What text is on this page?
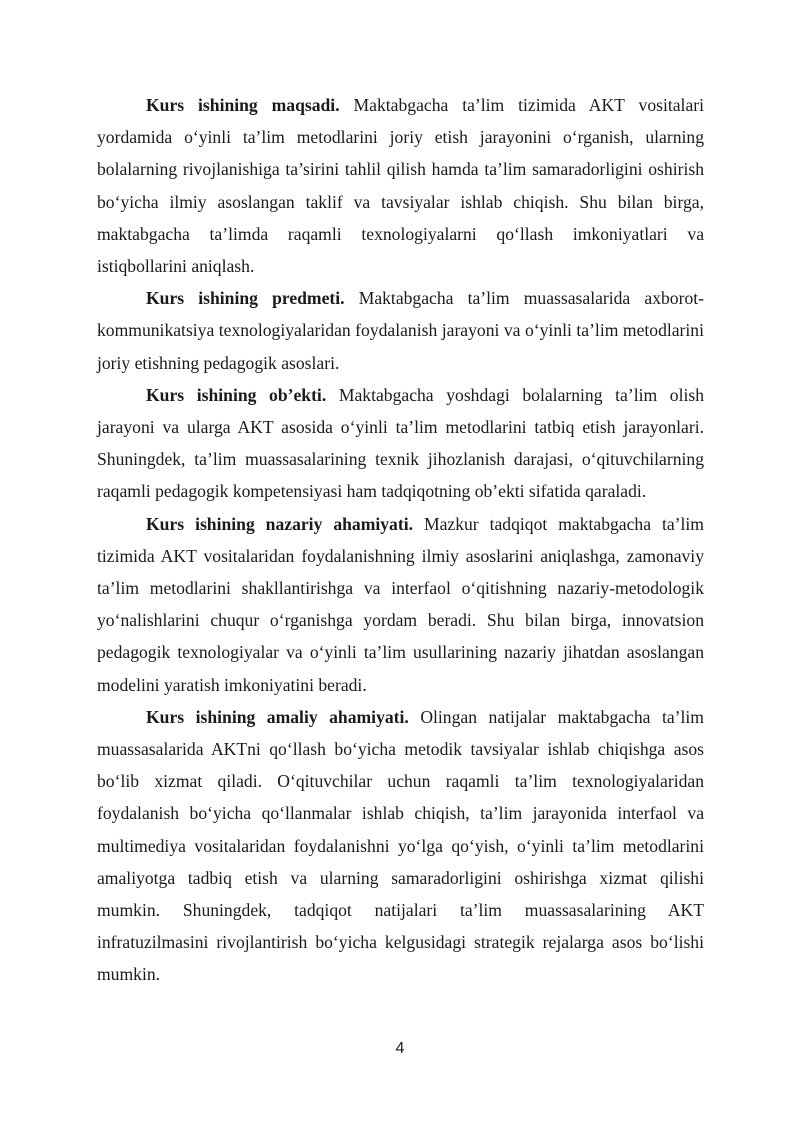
Kurs ishining maqsadi. Maktabgacha ta’lim tizimida AKT vositalari yordamida o‘yinli ta’lim metodlarini joriy etish jarayonini o‘rganish, ularning bolalarning rivojlanishiga ta’sirini tahlil qilish hamda ta’lim samaradorligini oshirish bo‘yicha ilmiy asoslangan taklif va tavsiyalar ishlab chiqish. Shu bilan birga, maktabgacha ta’limda raqamli texnologiyalarni qo‘llash imkoniyatlari va istiqbollarini aniqlash.

Kurs ishining predmeti. Maktabgacha ta’lim muassasalarida axborot-kommunikatsiya texnologiyalaridan foydalanish jarayoni va o‘yinli ta’lim metodlarini joriy etishning pedagogik asoslari.

Kurs ishining ob’ekti. Maktabgacha yoshdagi bolalarning ta’lim olish jarayoni va ularga AKT asosida o‘yinli ta’lim metodlarini tatbiq etish jarayonlari. Shuningdek, ta’lim muassasalarining texnik jihozlanish darajasi, o‘qituvchilarning raqamli pedagogik kompetensiyasi ham tadqiqotning ob’ekti sifatida qaraladi.

Kurs ishining nazariy ahamiyati. Mazkur tadqiqot maktabgacha ta’lim tizimida AKT vositalaridan foydalanishning ilmiy asoslarini aniqlashga, zamonaviy ta’lim metodlarini shakllantirishga va interfaol o‘qitishning nazariy-metodologik yo‘nalishlarini chuqur o‘rganishga yordam beradi. Shu bilan birga, innovatsion pedagogik texnologiyalar va o‘yinli ta’lim usullarining nazariy jihatdan asoslangan modelini yaratish imkoniyatini beradi.

Kurs ishining amaliy ahamiyati. Olingan natijalar maktabgacha ta’lim muassasalarida AKTni qo‘llash bo‘yicha metodik tavsiyalar ishlab chiqishga asos bo‘lib xizmat qiladi. O‘qituvchilar uchun raqamli ta’lim texnologiyalaridan foydalanish bo‘yicha qo‘llanmalar ishlab chiqish, ta’lim jarayonida interfaol va multimediya vositalaridan foydalanishni yo‘lga qo‘yish, o‘yinli ta’lim metodlarini amaliyotga tadbiq etish va ularning samaradorligini oshirishga xizmat qilishi mumkin. Shuningdek, tadqiqot natijalari ta’lim muassasalarining AKT infratuzilmasini rivojlantirish bo‘yicha kelgusidagi strategik rejalarga asos bo‘lishi mumkin.

4
